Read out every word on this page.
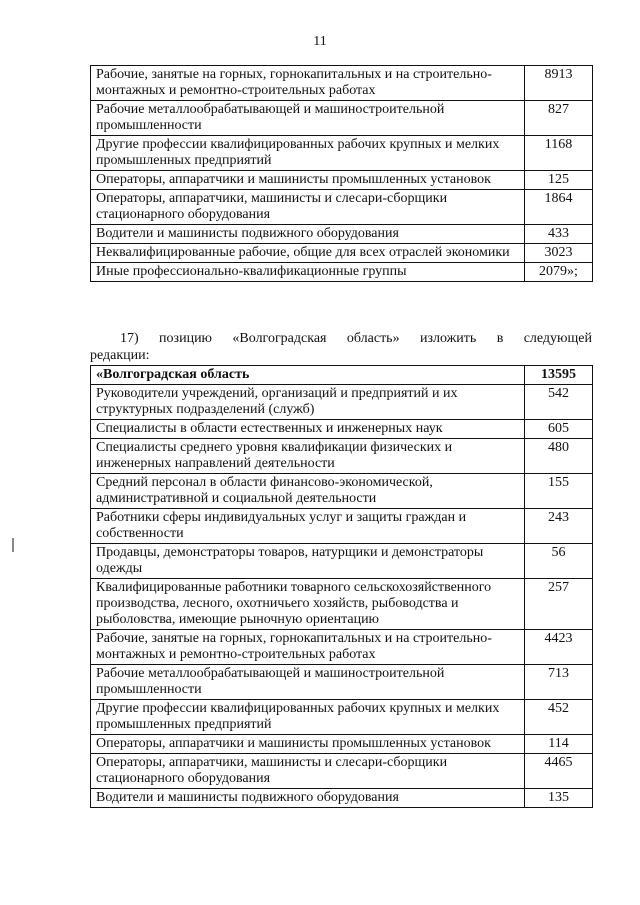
11
Рабочие, занятые на горных, горнокапитальных и на строительно-монтажных и ремонтно-строительных работах	8913
Рабочие металлообрабатывающей и машиностроительной промышленности	827
Другие профессии квалифицированных рабочих крупных и мелких промышленных предприятий	1168
Операторы, аппаратчики и машинисты промышленных установок	125
Операторы, аппаратчики, машинисты и слесари-сборщики стационарного оборудования	1864
Водители и машинисты подвижного оборудования	433
Неквалифицированные рабочие, общие для всех отраслей экономики	3023
Иные профессионально-квалификационные группы	2079»;
17) позицию «Волгоградская область» изложить в следующей
редакции:
«Волгоградская область	13595
Руководители учреждений, организаций и предприятий и их структурных подразделений (служб)	542
Специалисты в области естественных и инженерных наук	605
Специалисты среднего уровня квалификации физических и инженерных направлений деятельности	480
Средний персонал в области финансово-экономической, административной и социальной деятельности	155
Работники сферы индивидуальных услуг и защиты граждан и собственности	243
Продавцы, демонстраторы товаров, натурщики и демонстраторы одежды	56
Квалифицированные работники товарного сельскохозяйственного производства, лесного, охотничьего хозяйств, рыбоводства и рыболовства, имеющие рыночную ориентацию	257
Рабочие, занятые на горных, горнокапитальных и на строительно-монтажных и ремонтно-строительных работах	4423
Рабочие металлообрабатывающей и машиностроительной промышленности	713
Другие профессии квалифицированных рабочих крупных и мелких промышленных предприятий	452
Операторы, аппаратчики и машинисты промышленных установок	114
Операторы, аппаратчики, машинисты и слесари-сборщики стационарного оборудования	4465
Водители и машинисты подвижного оборудования	135
